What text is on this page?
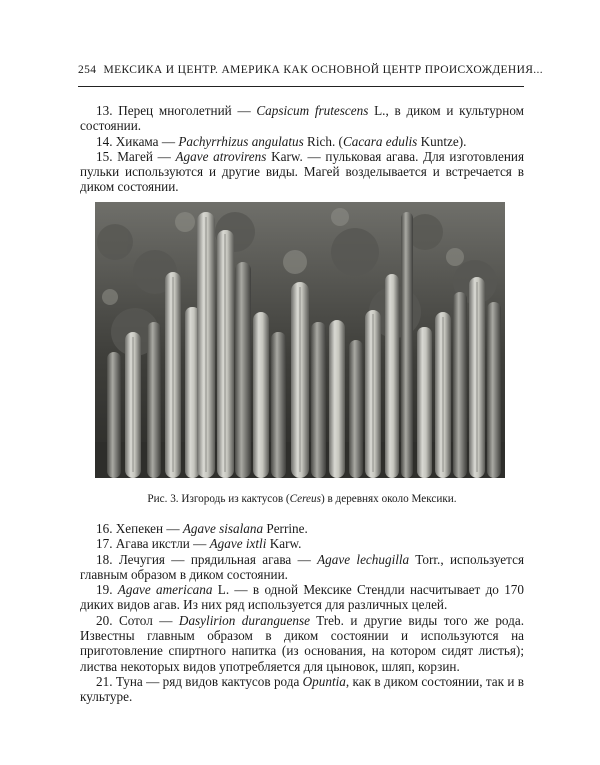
254 МЕКСИКА И ЦЕНТР. АМЕРИКА КАК ОСНОВНОЙ ЦЕНТР ПРОИСХОЖДЕНИЯ...

13. Перец многолетний — Capsicum frutescens L., в диком и культурном состоянии.

14. Хикама — Pachyrrhizus angulatus Rich. (Cacara edulis Kuntze).

15. Магей — Agave atrovirens Karw. — пульковая агава. Для изготовления пульки используются и другие виды. Магей возделывается и встречается в диком состоянии.

Рис. 3. Изгородь из кактусов (Cereus) в деревнях около Мексики.

16. Хепекен — Agave sisalana Perrine.

17. Агава икстли — Agave ixtli Karw.

18. Лечугия — прядильная агава — Agave lechugilla Torr., используется главным образом в диком состоянии.

19. Agave americana L. — в одной Мексике Стендли насчитывает до 170 диких видов агав. Из них ряд используется для различных целей.

20. Сотол — Dasylirion duranguense Treb. и другие виды того же рода. Известны главным образом в диком состоянии и используются на приготовление спиртного напитка (из основания, на котором сидят листья); листва некоторых видов употребляется для цыновок, шляп, корзин.

21. Туна — ряд видов кактусов рода Opuntia, как в диком состоянии, так и в культуре.
